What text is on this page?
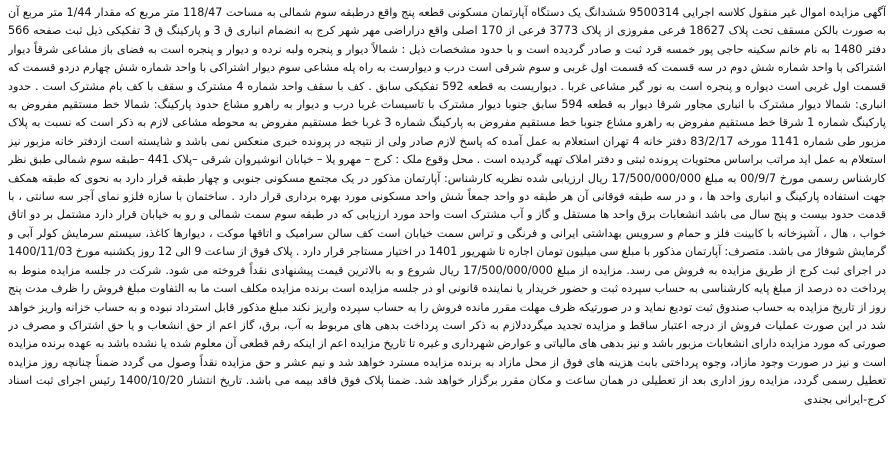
آگهی مزایده اموال غیر منقول کلاسه اجرایی 9500314 ششدانگ یک دستگاه آپارتمان مسکونی قطعه پنج واقع درطبقه سوم شمالی به مساحت 118/47 متر مربع که مقدار 1/44 متر مربع آن به صورت بالکن مسقف تحت پلاک 18627 فرعی مفروزی از پلاک 3773 فرعی از 170 اصلی واقع دراراضی مهر شهر کرج به انضمام انباری ق 3 و پارکینگ ق 3 تفکیکی ذیل ثبت صفحه 566 دفتر 1480 به نام خانم سکینه حاجی پور خمسه قرد ثبت و صادر گردیده است و با حدود مشخصات ذیل : شمالاً دیوار و پنجره ولبه نرده و دیوار و پنجره است به فضای باز مشاعی شرقاً دیوار اشتراکی با واحد شماره شش دوم در سه قسمت که قسمت اول غربی و سوم شرقی است درب و دیوارست به راه پله مشاعی سوم دیوار اشتراکی با واحد شماره شش چهارم دردو قسمت که قسمت اول غربی است دیواره و پنجره است به نور گیر مشاعی غربا . دیواریست به قطعه 592 تفکیکی سابق . کف با سقف واحد شماره 4 مشترک و سقف با کف بام مشترک است . حدود انباری: شمالا دیوار مشترک با انباری مجاور شرقا دیوار به قطعه 594 سابق جنوبا دیوار مشترک با تاسیسات غربا درب و دیوار به راهرو مشاع حدود پارکینگ: شمالا خط مستقیم مفروض به پارکینگ شماره 1 شرقا خط مستقیم مفروض به راهرو مشاع جنوبا خط مستقیم مفروض به پارکینگ شماره 3 غربا خط مستقیم مفروض به محوطه مشاعی لازم به ذکر است که نسبت به پلاک مزبور طی شماره 1141 مورخه 83/2/17 دفتر خانه 4 تهران استعلام به عمل آمده که پاسخ لازم صادر ولی از نتیجه در پرونده خبری منعکس نمی باشد و شایسته است ازدفتر خانه مزبور نیز استعلام به عمل اید مراتب براساس محتویات پرونده ثبتی و دفتر املاک تهیه گردیده است . محل وقوع ملک : کرج – مهرو یلا – خیابان انوشیروان شرقی –پلاک 441 –طبقه سوم شمالی طبق نظر کارشناس رسمی مورخ 00/9/7 به مبلغ 17/500/000/000 ریال ارزیابی شده نظریه کارشناس: آپارتمان مذکور در یک مجتمع مسکونی جنوبی و چهار طبقه قرار دارد به نحوی که طبقه همکف جهت استفاده پارکینگ و انباری واحد ها ، و در سه طبقه فوقانی آن هر طبقه دو واحد جمعاً شش واحد مسکونی مورد بهره برداری قرار دارد . ساختمان با سازه فلزو نمای آجر سه سانتی ، با قدمت حدود بیست و پنج سال می باشد انشعابات برق واحد ها مستقل و گاز و آب مشترک است واحد مورد ارزیابی که در طبقه سوم سمت شمالی و رو به خیابان قرار دارد مشتمل بر دو اتاق خواب ، هال ، آشپزخانه با کابینت فلز و حمام و سرویس بهداشتی ایرانی و فرنگی و تراس سمت خیابان است کف سالن سرامیک و اتاقها موکت ، دیوارها کاغذ، سیستم سرمایش کولر آبی و گرمایش شوفاژ می باشد. متصرف: آپارتمان مذکور با مبلغ سی میلیون تومان اجاره تا شهریور 1401 در اختیار مستاجر قرار دارد . پلاک فوق از ساعت 9 الی 12 روز یکشنبه مورخ 1400/11/03 در اجرای ثبت کرج از طریق مزایده به فروش می رسد. مزایده از مبلغ 17/500/000/000 ریال شروع و به بالاترین قیمت پیشنهادی نقداً فروخته می شود. شرکت در جلسه مزایده منوط به پرداخت ده درصد از مبلغ پایه کارشناسی به حساب سپرده ثبت و حضور خریدار یا نماینده قانونی او در جلسه مزایده است برنده مزایده مکلف است ما به التفاوت مبلغ فروش را ظرف مدت پنج روز از تاریخ مزایده به حساب صندوق ثبت تودیع نماید و در صورتیکه ظرف مهلت مقرر مانده فروش را به حساب سپرده واریز نکند مبلغ مذکور قابل استرداد نبوده و به حساب خزانه واریز خواهد شد در این صورت عملیات فروش از درجه اعتبار ساقط و مزایده تجدید میگرددلازم به ذکر است پرداخت بدهی های مربوط به آب، برق، گاز اعم از حق انشعاب و یا حق اشتراک و مصرف در صورتی که مورد مزایده دارای انشعابات مزبور باشد و نیز بدهی های مالیاتی و عوارض شهرداری و غیره تا تاریخ مزایده اعم از اینکه رقم قطعی آن معلوم شده یا نشده باشد به عهده برنده مزایده است و نیز در صورت وجود مازاد، وجوه پرداختی بابت هزینه های فوق از محل مازاد به برنده مزایده مسترد خواهد شد و نیم عشر و حق مزایده نقداً وصول می گردد ضمناً چنانچه روز مزایده تعطیل رسمی گردد، مزایده روز اداری بعد از تعطیلی در همان ساعت و مکان مقرر برگزار خواهد شد. ضمنا پلاک فوق فاقد بیمه می باشد. تاریخ انتشار 1400/10/20 رئیس اجرای ثبت اسناد کرج-ایرانی بجندی
